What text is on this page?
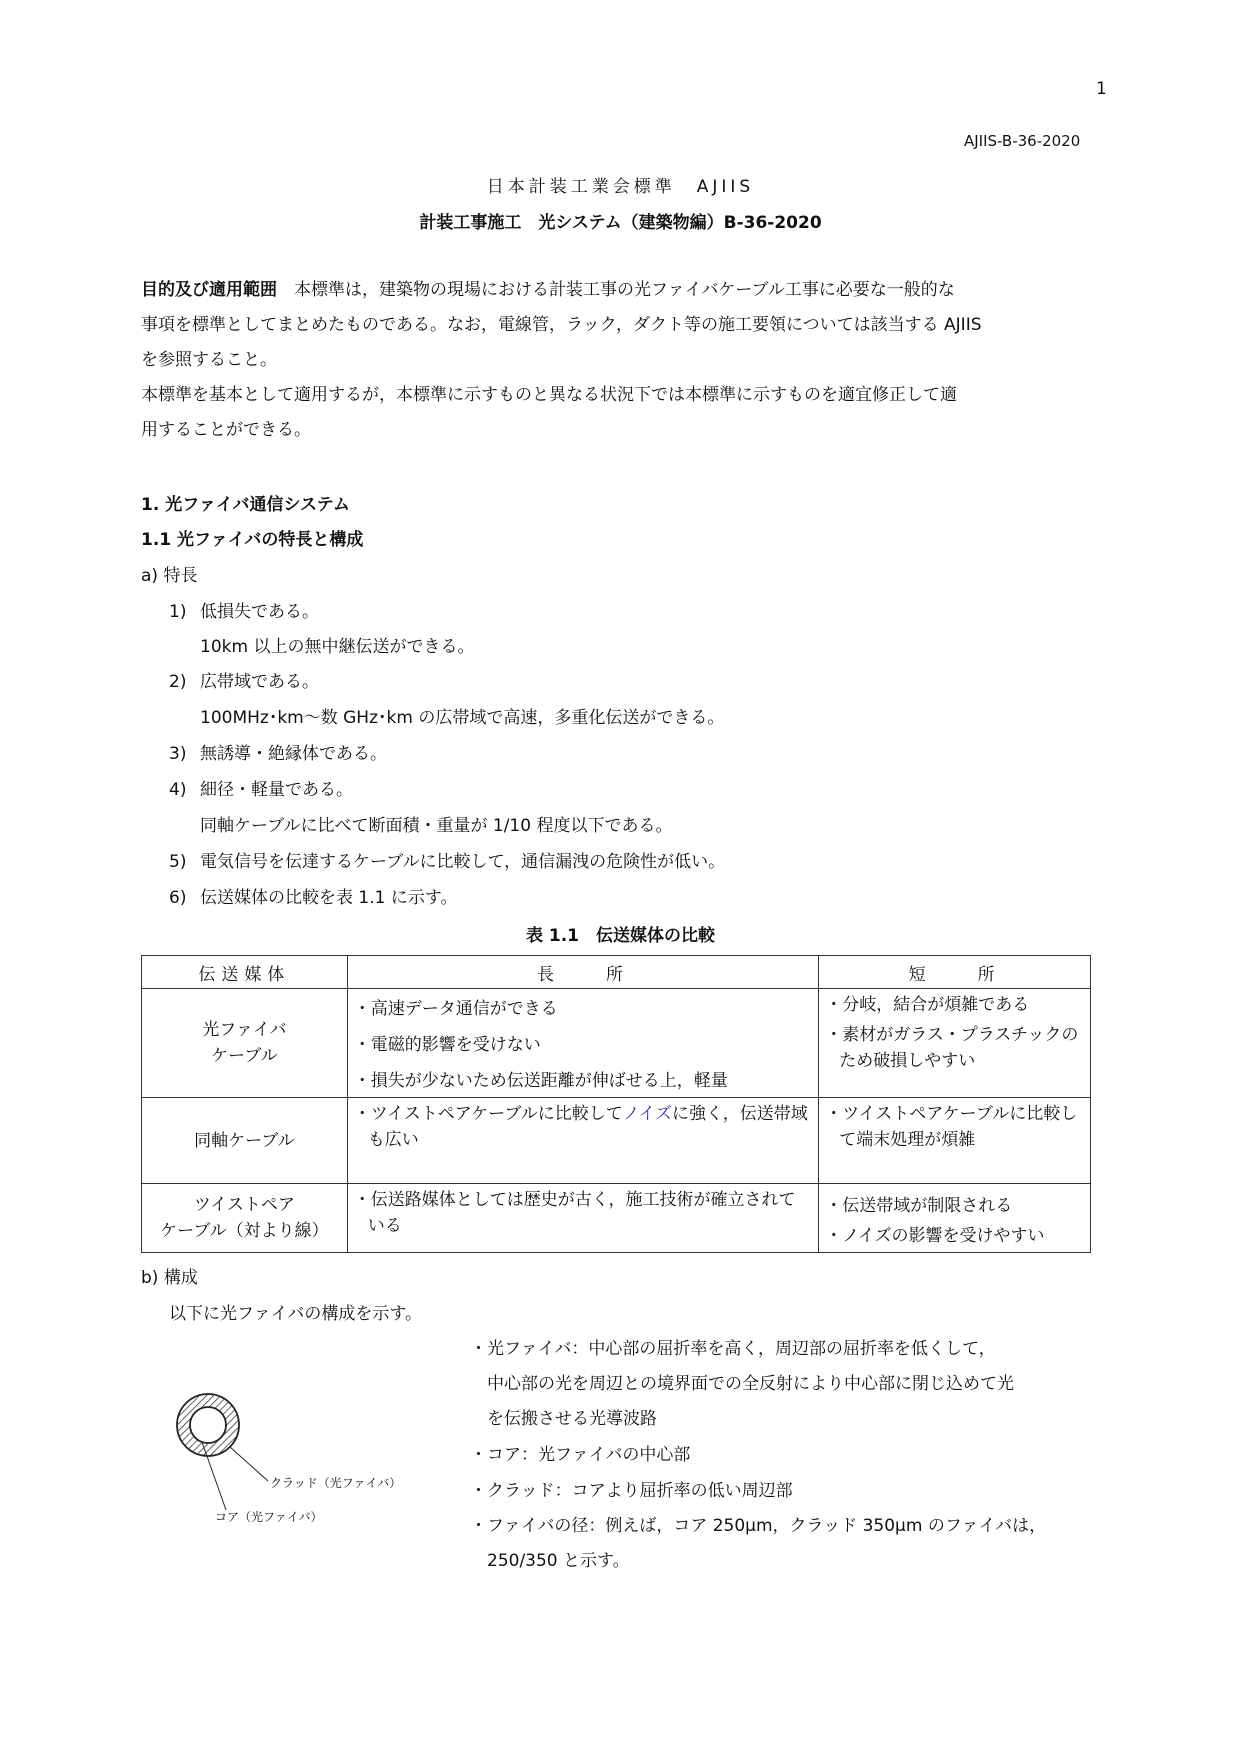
1
AJIIS-B-36-2020
日本計装工業会標準　AJIIS
計装工事施工　光システム（建築物編）B-36-2020
目的及び適用範囲　本標準は，建築物の現場における計装工事の光ファイバケーブル工事に必要な一般的な
事項を標準としてまとめたものである。なお，電線管，ラック，ダクト等の施工要領については該当する AJIIS
を参照すること。
本標準を基本として適用するが，本標準に示すものと異なる状況下では本標準に示すものを適宜修正して適
用することができる。
1. 光ファイバ通信システム
1.1 光ファイバの特長と構成
a) 特長
1) 低損失である。
10km 以上の無中継伝送ができる。
2) 広帯域である。
100MHz･km～数 GHz･km の広帯域で高速，多重化伝送ができる。
3) 無誘導・絶縁体である。
4) 細径・軽量である。
同軸ケーブルに比べて断面積・重量が 1/10 程度以下である。
5) 電気信号を伝達するケーブルに比較して，通信漏洩の危険性が低い。
6) 伝送媒体の比較を表 1.1 に示す。
表 1.1　伝送媒体の比較
伝送媒体	長　　所	短　　所

光ファイバ
ケーブル	・高速データ通信ができる
・電磁的影響を受けない
・損失が少ないため伝送距離が伸ばせる上，軽量	・分岐，結合が煩雑である
・素材がガラス・プラスチックのため破損しやすい

同軸ケーブル	・ツイストペアケーブルに比較してノイズに強く，伝送帯域も広い	・ツイストペアケーブルに比較して端末処理が煩雑

ツイストペア
ケーブル（対より線）	・伝送路媒体としては歴史が古く，施工技術が確立されている	・伝送帯域が制限される
・ノイズの影響を受けやすい
b) 構成
以下に光ファイバの構成を示す。
クラッド（光ファイバ）
コア（光ファイバ）
・光ファイバ：中心部の屈折率を高く，周辺部の屈折率を低くして，
　中心部の光を周辺との境界面での全反射により中心部に閉じ込めて光
　を伝搬させる光導波路
・コア：光ファイバの中心部
・クラッド：コアより屈折率の低い周辺部
・ファイバの径：例えば，コア 250μm，クラッド 350μm のファイバは，
　250/350 と示す。
